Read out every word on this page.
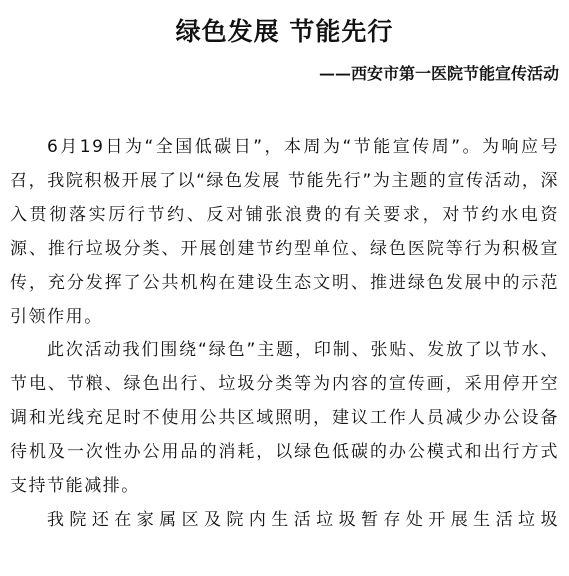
绿色发展 节能先行
——西安市第一医院节能宣传活动

6月19日为“全国低碳日”，本周为“节能宣传周”。为响应号召，我院积极开展了以“绿色发展 节能先行”为主题的宣传活动，深入贯彻落实厉行节约、反对铺张浪费的有关要求，对节约水电资源、推行垃圾分类、开展创建节约型单位、绿色医院等行为积极宣传，充分发挥了公共机构在建设生态文明、推进绿色发展中的示范引领作用。

此次活动我们围绕“绿色”主题，印制、张贴、发放了以节水、节电、节粮、绿色出行、垃圾分类等为内容的宣传画，采用停开空调和光线充足时不使用公共区域照明，建议工作人员减少办公设备待机及一次性办公用品的消耗，以绿色低碳的办公模式和出行方式支持节能减排。

我院还在家属区及院内生活垃圾暂存处开展生活垃圾
